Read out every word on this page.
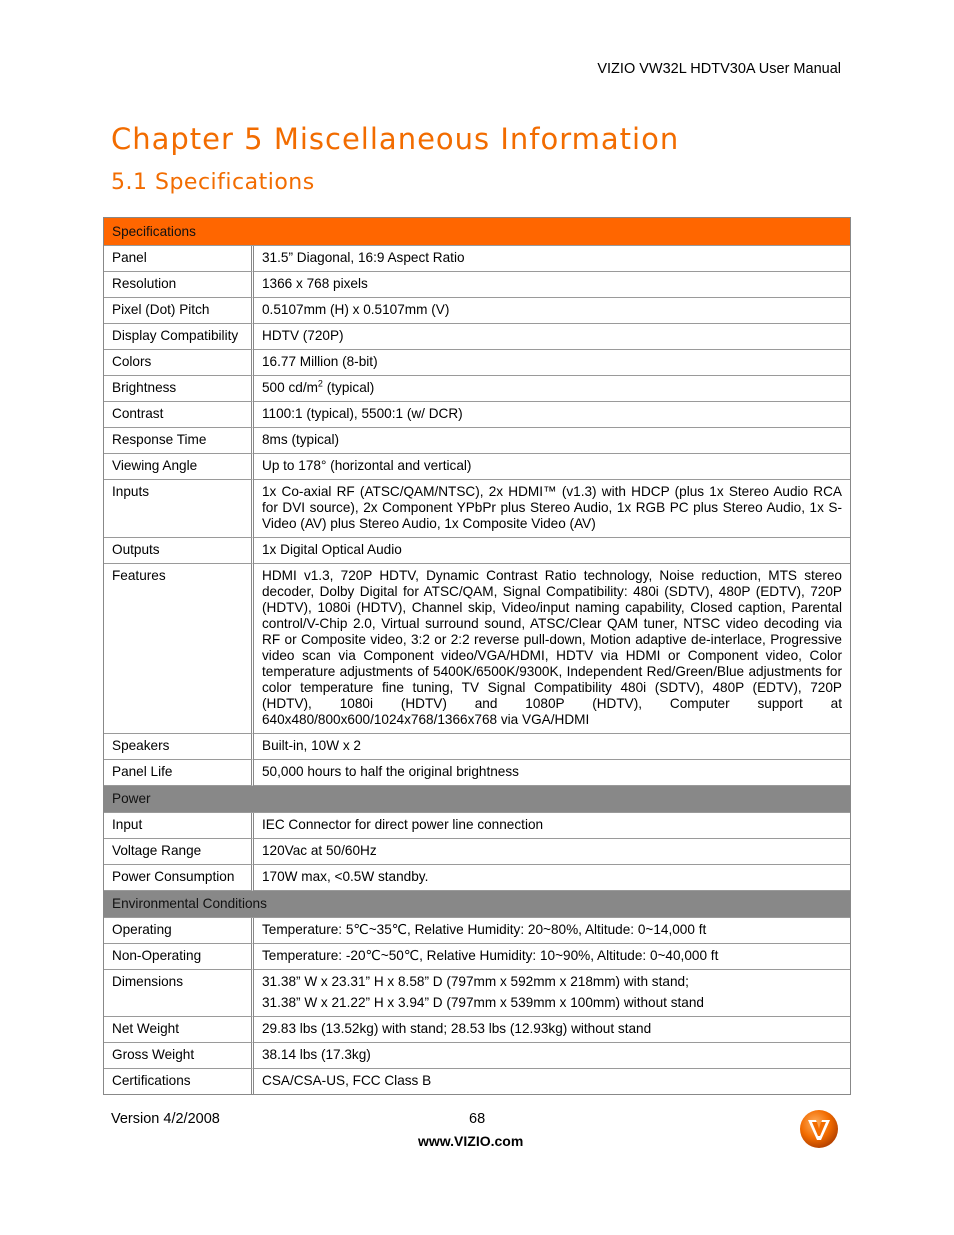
VIZIO VW32L HDTV30A User Manual
Chapter 5 Miscellaneous Information
5.1 Specifications
Specifications	
Panel	31.5” Diagonal, 16:9 Aspect Ratio
Resolution	1366 x 768 pixels
Pixel (Dot) Pitch	0.5107mm (H) x 0.5107mm (V)
Display Compatibility	HDTV (720P)
Colors	16.77 Million (8-bit)
Brightness	500 $cd/m^2$ (typical)
Contrast	1100:1 (typical), 5500:1 (w/ DCR)
Response Time	8ms (typical)
Viewing Angle	Up to 178° (horizontal and vertical)
Inputs	1x Co-axial RF (ATSC/QAM/NTSC), 2x HDMI™ (v1.3) with HDCP (plus 1x Stereo Audio RCA for DVI source), 2x Component YPbPr plus Stereo Audio, 1x RGB PC plus Stereo Audio, 1x S-Video (AV) plus Stereo Audio, 1x Composite Video (AV)
Outputs	1x Digital Optical Audio
Features	HDMI v1.3, 720P HDTV, Dynamic Contrast Ratio technology, Noise reduction, MTS stereo decoder, Dolby Digital for ATSC/QAM, Signal Compatibility: 480i (SDTV), 480P (EDTV), 720P (HDTV), 1080i (HDTV), Channel skip, Video/input naming capability, Closed caption, Parental control/V-Chip 2.0, Virtual surround sound, ATSC/Clear QAM tuner, NTSC video decoding via RF or Composite video, 3:2 or 2:2 reverse pull-down, Motion adaptive de-interlace, Progressive video scan via Component video/VGA/HDMI, HDTV via HDMI or Component video, Color temperature adjustments of 5400K/6500K/9300K, Independent Red/Green/Blue adjustments for color temperature fine tuning, TV Signal Compatibility 480i (SDTV), 480P (EDTV), 720P (HDTV), 1080i (HDTV) and 1080P (HDTV), Computer support at 640x480/800x600/1024x768/1366x768 via VGA/HDMI
Speakers	Built-in, 10W x 2
Panel Life	50,000 hours to half the original brightness
Power	
Input	IEC Connector for direct power line connection
Voltage Range	120Vac at 50/60Hz
Power Consumption	170W max, <0.5W standby.
Environmental Conditions	
Operating	Temperature: 5℃~35℃, Relative Humidity: 20~80%, Altitude: 0~14,000 ft
Non-Operating	Temperature: -20℃~50℃, Relative Humidity: 10~90%, Altitude: 0~40,000 ft
Dimensions	31.38” W x 23.31” H x 8.58” D (797mm x 592mm x 218mm) with stand;
31.38” W x 21.22” H x 3.94” D (797mm x 539mm x 100mm) without stand

Net Weight	29.83 lbs (13.52kg) with stand; 28.53 lbs (12.93kg) without stand
Gross Weight	38.14 lbs (17.3kg)
Certifications	CSA/CSA-US, FCC Class B
Version 4/2/2008	68
www.VIZIO.com
